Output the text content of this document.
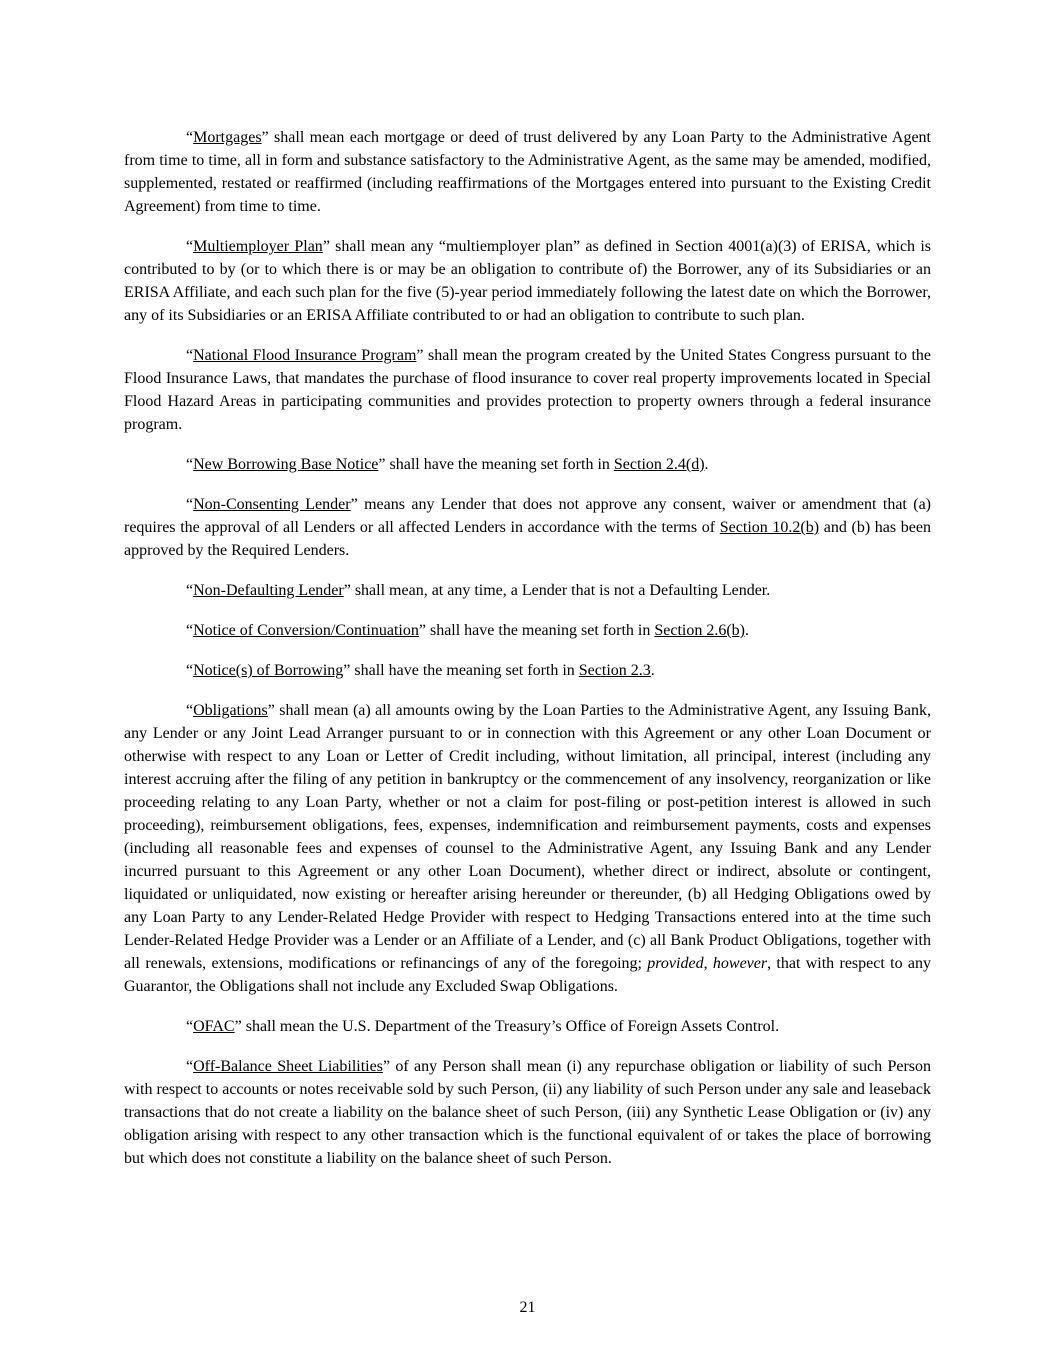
“Mortgages” shall mean each mortgage or deed of trust delivered by any Loan Party to the Administrative Agent from time to time, all in form and substance satisfactory to the Administrative Agent, as the same may be amended, modified, supplemented, restated or reaffirmed (including reaffirmations of the Mortgages entered into pursuant to the Existing Credit Agreement) from time to time.

“Multiemployer Plan” shall mean any “multiemployer plan” as defined in Section 4001(a)(3) of ERISA, which is contributed to by (or to which there is or may be an obligation to contribute of) the Borrower, any of its Subsidiaries or an ERISA Affiliate, and each such plan for the five (5)-year period immediately following the latest date on which the Borrower, any of its Subsidiaries or an ERISA Affiliate contributed to or had an obligation to contribute to such plan.

“National Flood Insurance Program” shall mean the program created by the United States Congress pursuant to the Flood Insurance Laws, that mandates the purchase of flood insurance to cover real property improvements located in Special Flood Hazard Areas in participating communities and provides protection to property owners through a federal insurance program.

“New Borrowing Base Notice” shall have the meaning set forth in Section 2.4(d).

“Non-Consenting Lender” means any Lender that does not approve any consent, waiver or amendment that (a) requires the approval of all Lenders or all affected Lenders in accordance with the terms of Section 10.2(b) and (b) has been approved by the Required Lenders.

“Non-Defaulting Lender” shall mean, at any time, a Lender that is not a Defaulting Lender.

“Notice of Conversion/Continuation” shall have the meaning set forth in Section 2.6(b).

“Notice(s) of Borrowing” shall have the meaning set forth in Section 2.3.

“Obligations” shall mean (a) all amounts owing by the Loan Parties to the Administrative Agent, any Issuing Bank, any Lender or any Joint Lead Arranger pursuant to or in connection with this Agreement or any other Loan Document or otherwise with respect to any Loan or Letter of Credit including, without limitation, all principal, interest (including any interest accruing after the filing of any petition in bankruptcy or the commencement of any insolvency, reorganization or like proceeding relating to any Loan Party, whether or not a claim for post-filing or post-petition interest is allowed in such proceeding), reimbursement obligations, fees, expenses, indemnification and reimbursement payments, costs and expenses (including all reasonable fees and expenses of counsel to the Administrative Agent, any Issuing Bank and any Lender incurred pursuant to this Agreement or any other Loan Document), whether direct or indirect, absolute or contingent, liquidated or unliquidated, now existing or hereafter arising hereunder or thereunder, (b) all Hedging Obligations owed by any Loan Party to any Lender-Related Hedge Provider with respect to Hedging Transactions entered into at the time such Lender-Related Hedge Provider was a Lender or an Affiliate of a Lender, and (c) all Bank Product Obligations, together with all renewals, extensions, modifications or refinancings of any of the foregoing; provided, however, that with respect to any Guarantor, the Obligations shall not include any Excluded Swap Obligations.

“OFAC” shall mean the U.S. Department of the Treasury’s Office of Foreign Assets Control.

“Off-Balance Sheet Liabilities” of any Person shall mean (i) any repurchase obligation or liability of such Person with respect to accounts or notes receivable sold by such Person, (ii) any liability of such Person under any sale and leaseback transactions that do not create a liability on the balance sheet of such Person, (iii) any Synthetic Lease Obligation or (iv) any obligation arising with respect to any other transaction which is the functional equivalent of or takes the place of borrowing but which does not constitute a liability on the balance sheet of such Person.

21
